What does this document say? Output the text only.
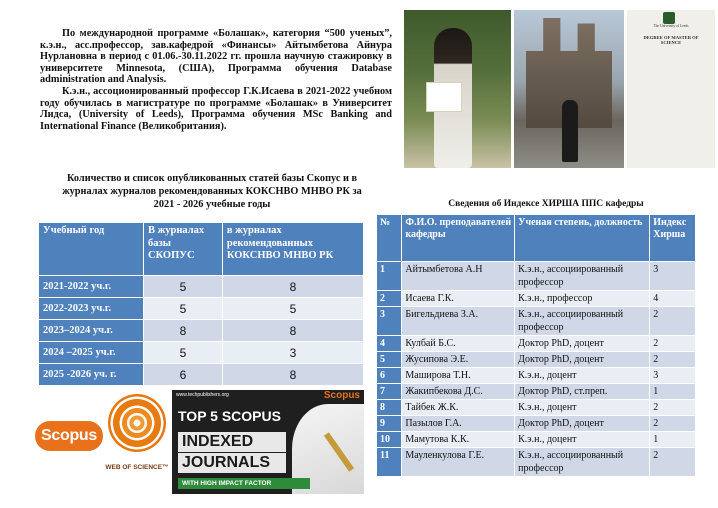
По международной программе «Болашак», категория “500 ученых”, к.э.н., асс.профессор, зав.кафедрой «Финансы» Айтымбетова Айнура Нурлановна в период с 01.06.-30.11.2022 гг. прошла научную стажировку в университете Minnesota, (США), Программа обучения Database administration and Analysis.

К.э.н., ассоционированный профессор Г.К.Исаева в 2021-2022 учебном году обучилась в магистратуре по программе «Болашак» в Университет Лидса, (University of Leeds), Программа обучения MSc Banking and International Finance (Великобритания).

The University of Leeds
DEGREE OF MASTER OF SCIENCE
Количество и список опубликованных статей базы Скопус и в журналах журналов рекомендованных КОКСНВО МНВО РК за 2021 - 2026 учебные годы
Учебный год	В журналах базы СКОПУС	в журналах рекомендованных КОКСНВО МНВО РК
2021-2022 уч.г.	5	8
2022-2023 уч.г.	5	5
2023–2024 уч.г.	8	8
2024 –2025 уч.г.	5	3
2025 -2026 уч. г.	6	8
Сведения об Индексе ХИРША ППС кафедры
№	Ф.И.О. преподавателей кафедры	Ученая степень, должность	Индекс Хирша
1	Айтымбетова А.Н	К.э.н., ассоциированный профессор	3
2	Исаева Г.К.	К.э.н., профессор	4
3	Бигельдиева З.А.	К.э.н., ассоциированный профессор	2
4	Кулбай Б.С.	Доктор PhD, доцент	2
5	Жусипова Э.Е.	Доктор PhD, доцент	2
6	Маширова Т.Н.	К.э.н., доцент	3
7	Жакипбекова Д.С.	Доктор PhD, ст.преп.	1
8	Тайбек Ж.К.	К.э.н., доцент	2
9	Пазылов Г.А.	Доктор PhD, доцент	2
10	Мамутова К.К.	К.э.н., доцент	1
11	Мауленкулова Г.Е.	К.э.н., ассоциированный профессор	2
Scopus
WEB OF SCIENCE™
www.techpublishers.org	Scopus
TOP 5 SCOPUS
INDEXED
JOURNALS
WITH HIGH IMPACT FACTOR
